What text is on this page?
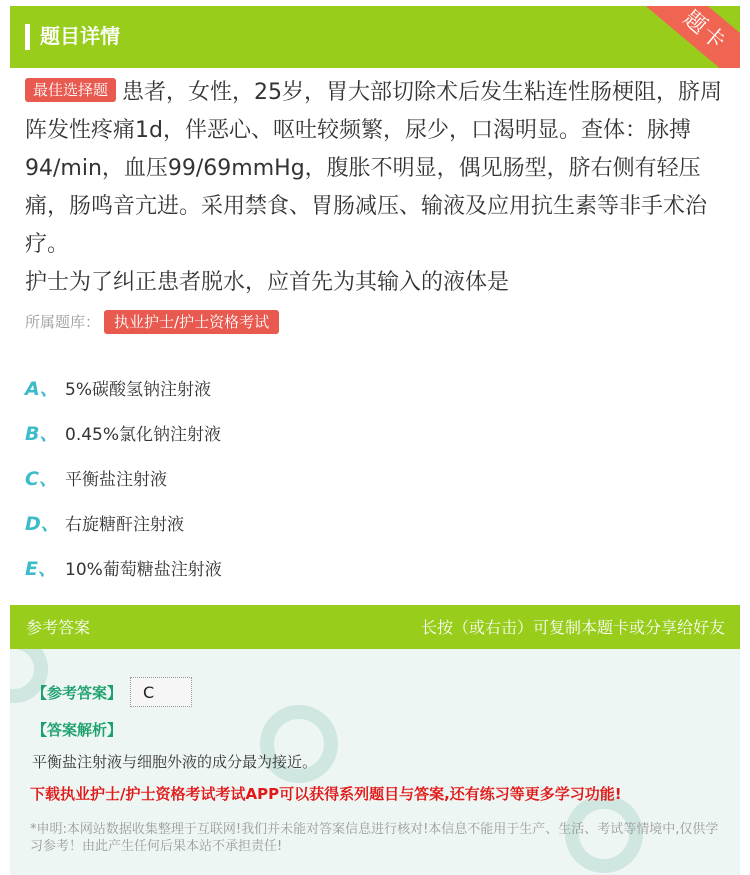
题目详情	题卡
最佳选择题 患者，女性，25岁，胃大部切除术后发生粘连性肠梗阻，脐周阵发性疼痛1d，伴恶心、呕吐较频繁，尿少，口渴明显。查体：脉搏94/min，血压99/69mmHg，腹胀不明显，偶见肠型，脐右侧有轻压痛，肠鸣音亢进。采用禁食、胃肠减压、输液及应用抗生素等非手术治疗。
护士为了纠正患者脱水，应首先为其输入的液体是
所属题库： 执业护士/护士资格考试
A、 5%碳酸氢钠注射液
B、 0.45%氯化钠注射液
C、 平衡盐注射液
D、 右旋糖酐注射液
E、 10%葡萄糖盐注射液
参考答案	长按（或右击）可复制本题卡或分享给好友
【参考答案】	C
【答案解析】
平衡盐注射液与细胞外液的成分最为接近。
下载执业护士/护士资格考试考试APP可以获得系列题目与答案,还有练习等更多学习功能!
*申明:本网站数据收集整理于互联网!我们并未能对答案信息进行核对!本信息不能用于生产、生活、考试等情境中,仅供学习参考！由此产生任何后果本站不承担责任!
